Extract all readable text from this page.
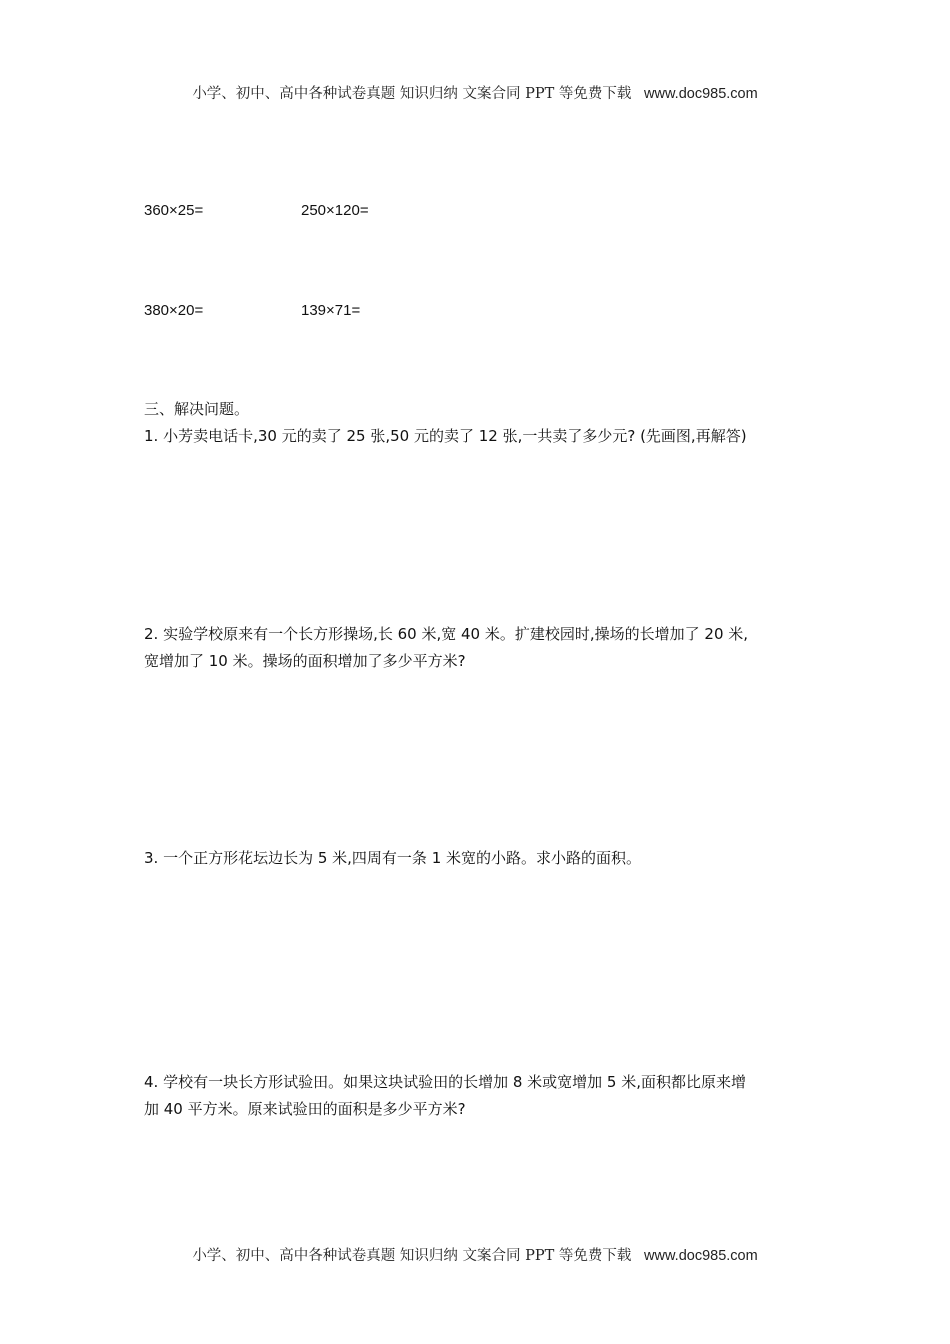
小学、初中、高中各种试卷真题 知识归纳 文案合同 PPT 等免费下载 www.doc985.com
360×25=	250×120=
380×20=	139×71=
三、解决问题。
1. 小芳卖电话卡,30 元的卖了 25 张,50 元的卖了 12 张,一共卖了多少元? (先画图,再解答)
2. 实验学校原来有一个长方形操场,长 60 米,宽 40 米。扩建校园时,操场的长增加了 20 米,
宽增加了 10 米。操场的面积增加了多少平方米?
3. 一个正方形花坛边长为 5 米,四周有一条 1 米宽的小路。求小路的面积。
4. 学校有一块长方形试验田。如果这块试验田的长增加 8 米或宽增加 5 米,面积都比原来增
加 40 平方米。原来试验田的面积是多少平方米?
小学、初中、高中各种试卷真题 知识归纳 文案合同 PPT 等免费下载 www.doc985.com
